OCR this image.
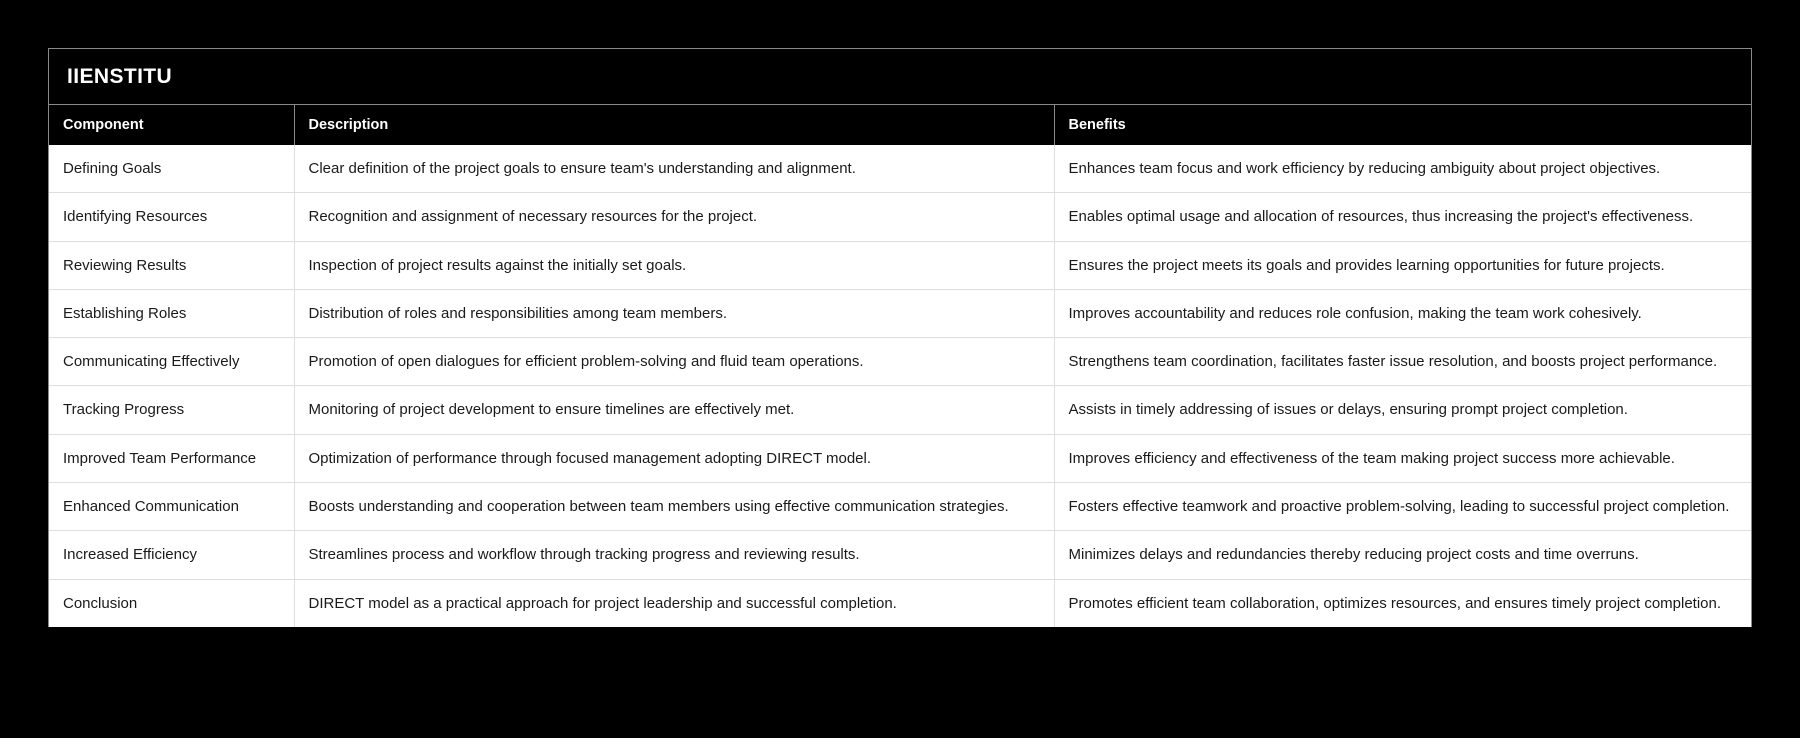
IIENSTITU
Component	Description	Benefits
Defining Goals	Clear definition of the project goals to ensure team's understanding and alignment.	Enhances team focus and work efficiency by reducing ambiguity about project objectives.
Identifying Resources	Recognition and assignment of necessary resources for the project.	Enables optimal usage and allocation of resources, thus increasing the project's effectiveness.
Reviewing Results	Inspection of project results against the initially set goals.	Ensures the project meets its goals and provides learning opportunities for future projects.
Establishing Roles	Distribution of roles and responsibilities among team members.	Improves accountability and reduces role confusion, making the team work cohesively.
Communicating Effectively	Promotion of open dialogues for efficient problem-solving and fluid team operations.	Strengthens team coordination, facilitates faster issue resolution, and boosts project performance.
Tracking Progress	Monitoring of project development to ensure timelines are effectively met.	Assists in timely addressing of issues or delays, ensuring prompt project completion.
Improved Team Performance	Optimization of performance through focused management adopting DIRECT model.	Improves efficiency and effectiveness of the team making project success more achievable.
Enhanced Communication	Boosts understanding and cooperation between team members using effective communication strategies.	Fosters effective teamwork and proactive problem-solving, leading to successful project completion.
Increased Efficiency	Streamlines process and workflow through tracking progress and reviewing results.	Minimizes delays and redundancies thereby reducing project costs and time overruns.
Conclusion	DIRECT model as a practical approach for project leadership and successful completion.	Promotes efficient team collaboration, optimizes resources, and ensures timely project completion.
